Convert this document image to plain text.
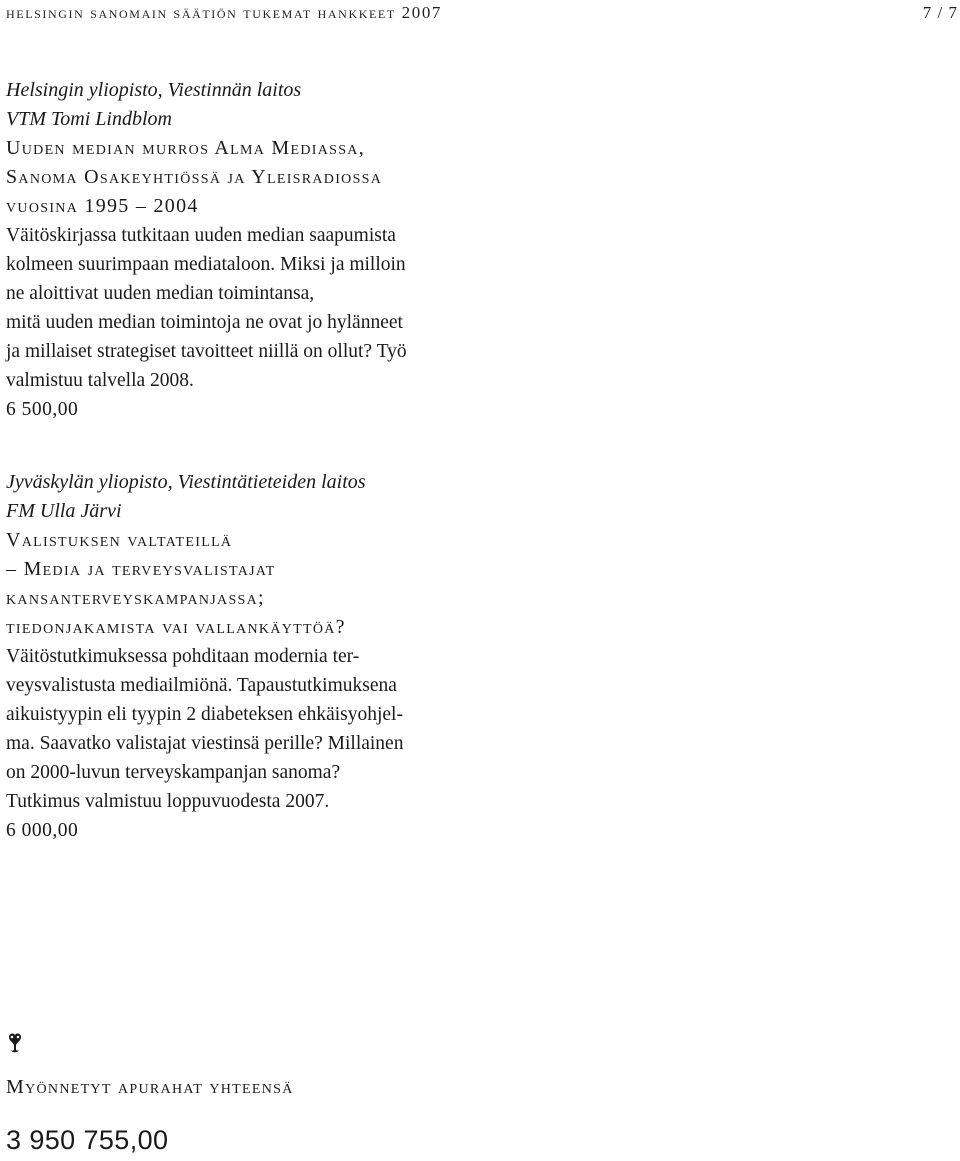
helsingin sanomain säätiön tukemat hankkeet 2007	7 / 7
Helsingin yliopisto, Viestinnän laitos
VTM Tomi Lindblom
Uuden median murros Alma Mediassa,
Sanoma Osakeyhtiössä ja Yleisradiossa
vuosina 1995 – 2004
Väitöskirjassa tutkitaan uuden median saapumista
kolmeen suurimpaan mediataloon. Miksi ja milloin
ne aloittivat uuden median toimintansa,
mitä uuden median toimintoja ne ovat jo hylänneet
ja millaiset strategiset tavoitteet niillä on ollut? Työ
valmistuu talvella 2008.
6 500,00
Jyväskylän yliopisto, Viestintätieteiden laitos
FM Ulla Järvi
Valistuksen valtateillä
– Media ja terveysvalistajat
kansanterveyskampanjassa;
tiedonjakamista vai vallankäyttöä?
Väitöstutkimuksessa pohditaan modernia ter-
veysvalistusta mediailmiönä. Tapaustutkimuksena
aikuistyypin eli tyypin 2 diabeteksen ehkäisyohjel-
ma. Saavatko valistajat viestinsä perille? Millainen
on 2000-luvun terveyskampanjan sanoma?
Tutkimus valmistuu loppuvuodesta 2007.
6 000,00
Myönnetyt apurahat yhteensä
3 950 755,00
